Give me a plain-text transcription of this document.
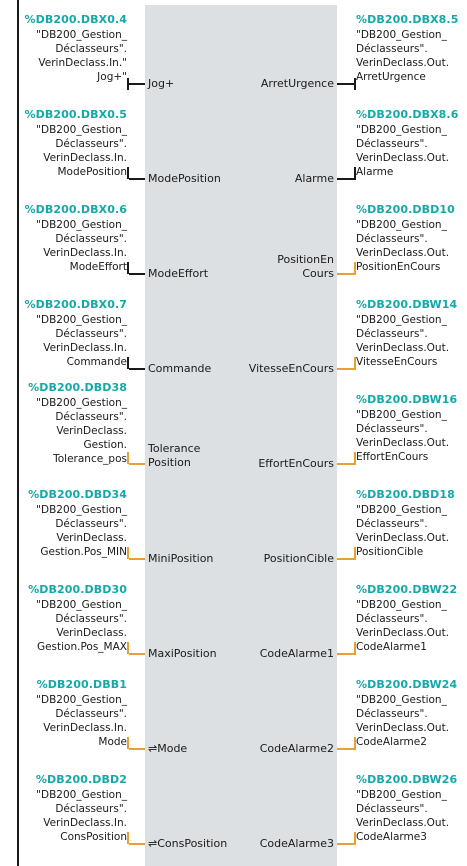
%DB200.DBX0.4
"DB200_Gestion_
Déclasseurs".
VerinDeclass.In."
Jog+" Jog+	ArretUrgence
%DB200.DBX8.5
"DB200_Gestion_
Déclasseurs".
VerinDeclass.Out.
ArretUrgence
%DB200.DBX0.5
"DB200_Gestion_
Déclasseurs".
VerinDeclass.In.
ModePosition ModePosition	Alarme
%DB200.DBX8.6
"DB200_Gestion_
Déclasseurs".
VerinDeclass.Out.
Alarme
%DB200.DBX0.6
"DB200_Gestion_
Déclasseurs".
VerinDeclass.In.
ModeEffort ModeEffort
PositionEn
Cours
%DB200.DBD10
"DB200_Gestion_
Déclasseurs".
VerinDeclass.Out.
PositionEnCours
%DB200.DBX0.7
"DB200_Gestion_
Déclasseurs".
VerinDeclass.In.
Commande Commande	VitesseEnCours
%DB200.DBW14
"DB200_Gestion_
Déclasseurs".
VerinDeclass.Out.
VitesseEnCours
%DB200.DBD38
"DB200_Gestion_
Déclasseurs".
VerinDeclass.
Gestion.
Tolerance_pos
Tolerance
Position	EffortEnCours
%DB200.DBW16
"DB200_Gestion_
Déclasseurs".
VerinDeclass.Out.
EffortEnCours
%DB200.DBD34
"DB200_Gestion_
Déclasseurs".
VerinDeclass.
Gestion.Pos_MIN MiniPosition	PositionCible
%DB200.DBD18
"DB200_Gestion_
Déclasseurs".
VerinDeclass.Out.
PositionCible
%DB200.DBD30
"DB200_Gestion_
Déclasseurs".
VerinDeclass.
Gestion.Pos_MAX MaxiPosition	CodeAlarme1
%DB200.DBW22
"DB200_Gestion_
Déclasseurs".
VerinDeclass.Out.
CodeAlarme1
%DB200.DBB1
"DB200_Gestion_
Déclasseurs".
VerinDeclass.In.
Mode ⇌Mode	CodeAlarme2
%DB200.DBW24
"DB200_Gestion_
Déclasseurs".
VerinDeclass.Out.
CodeAlarme2
%DB200.DBD2
"DB200_Gestion_
Déclasseurs".
VerinDeclass.In.
ConsPosition ⇌ConsPosition	CodeAlarme3
%DB200.DBW26
"DB200_Gestion_
Déclasseurs".
VerinDeclass.Out.
CodeAlarme3
